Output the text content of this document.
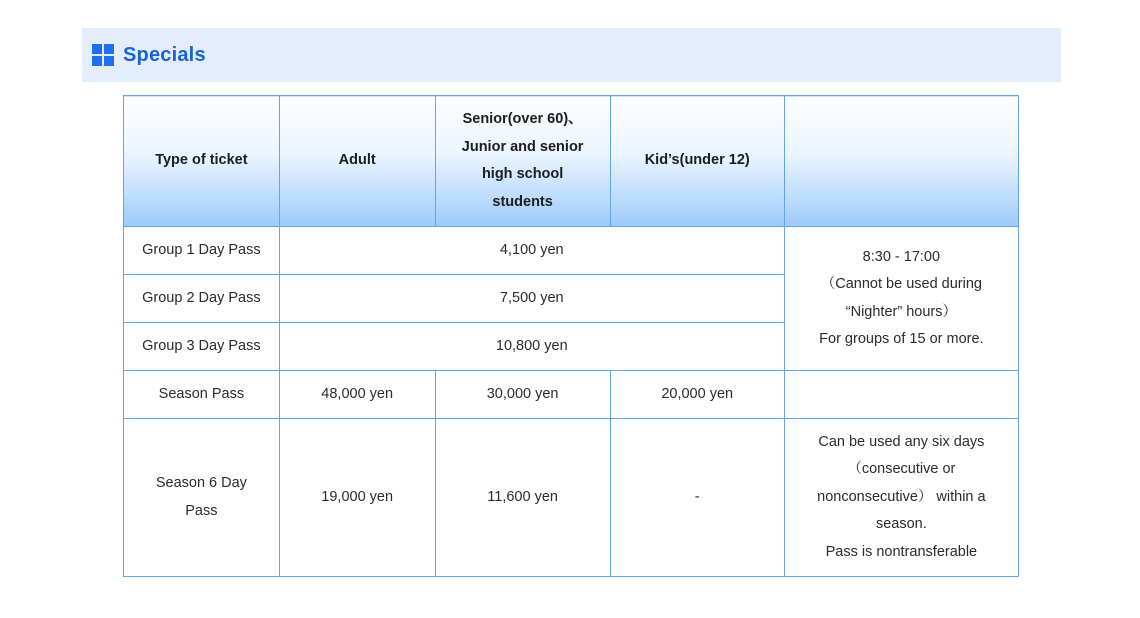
Specials
Type of ticket	Adult	Senior(over 60)、
Junior and senior
high school
students	Kid’s(under 12)	
Group 1 Day Pass	4,100 yen			8:30 - 17:00
（Cannot be used during
“Nighter” hours）
For groups of 15 or more.

Group 2 Day Pass	7,500 yen			
Group 3 Day Pass	10,800 yen			
Season Pass	48,000 yen	30,000 yen	20,000 yen	

Season 6 Day
Pass	19,000 yen	11,600 yen	-	Can be used any six days
（consecutive or
nonconsecutive） within a
season.
Pass is nontransferable
